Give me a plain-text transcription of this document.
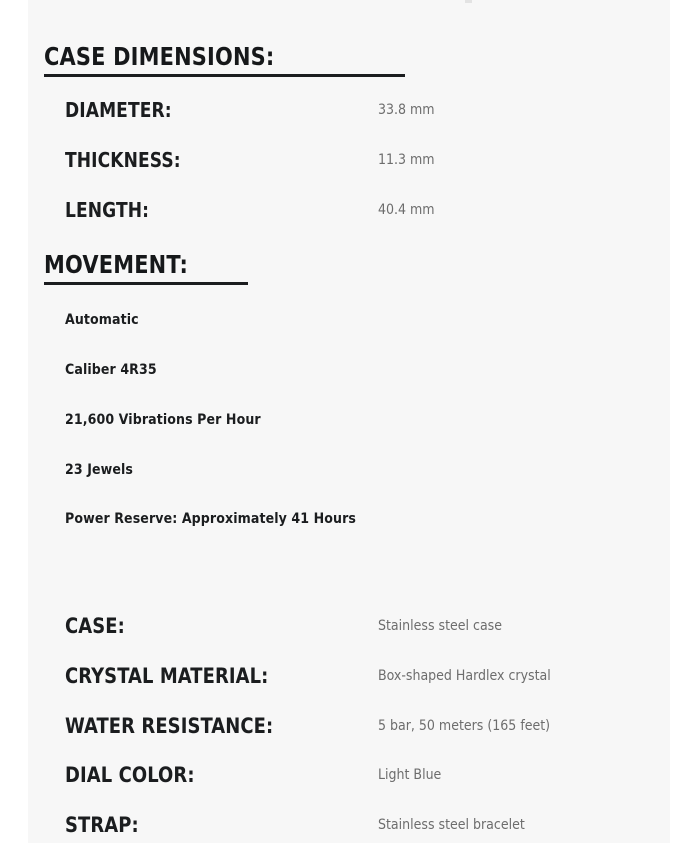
CASE DIMENSIONS:
DIAMETER:	33.8 mm
THICKNESS:	11.3 mm
LENGTH:	40.4 mm
MOVEMENT:
Automatic
Caliber 4R35
21,600 Vibrations Per Hour
23 Jewels
Power Reserve: Approximately 41 Hours
CASE:	Stainless steel case
CRYSTAL MATERIAL:	Box-shaped Hardlex crystal
WATER RESISTANCE:	5 bar, 50 meters (165 feet)
DIAL COLOR:	Light Blue
STRAP:	Stainless steel bracelet
